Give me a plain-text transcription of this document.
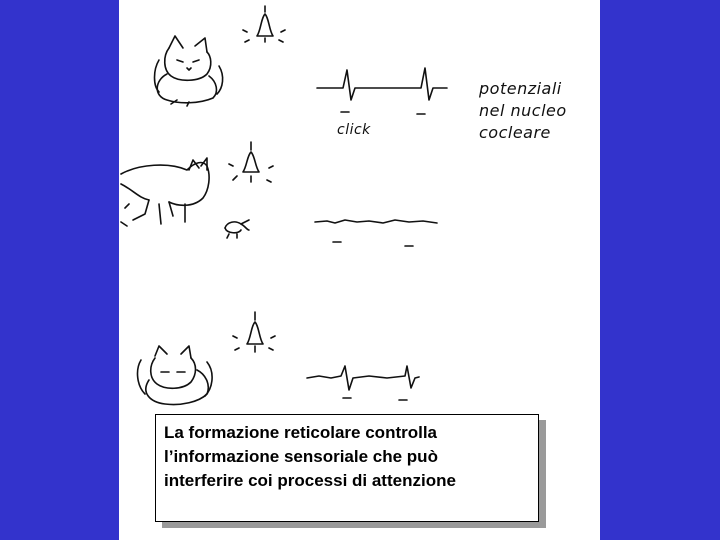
click
potenziali
nel nucleo
cocleare
La formazione reticolare controlla
l’informazione sensoriale che può
interferire coi processi di attenzione
